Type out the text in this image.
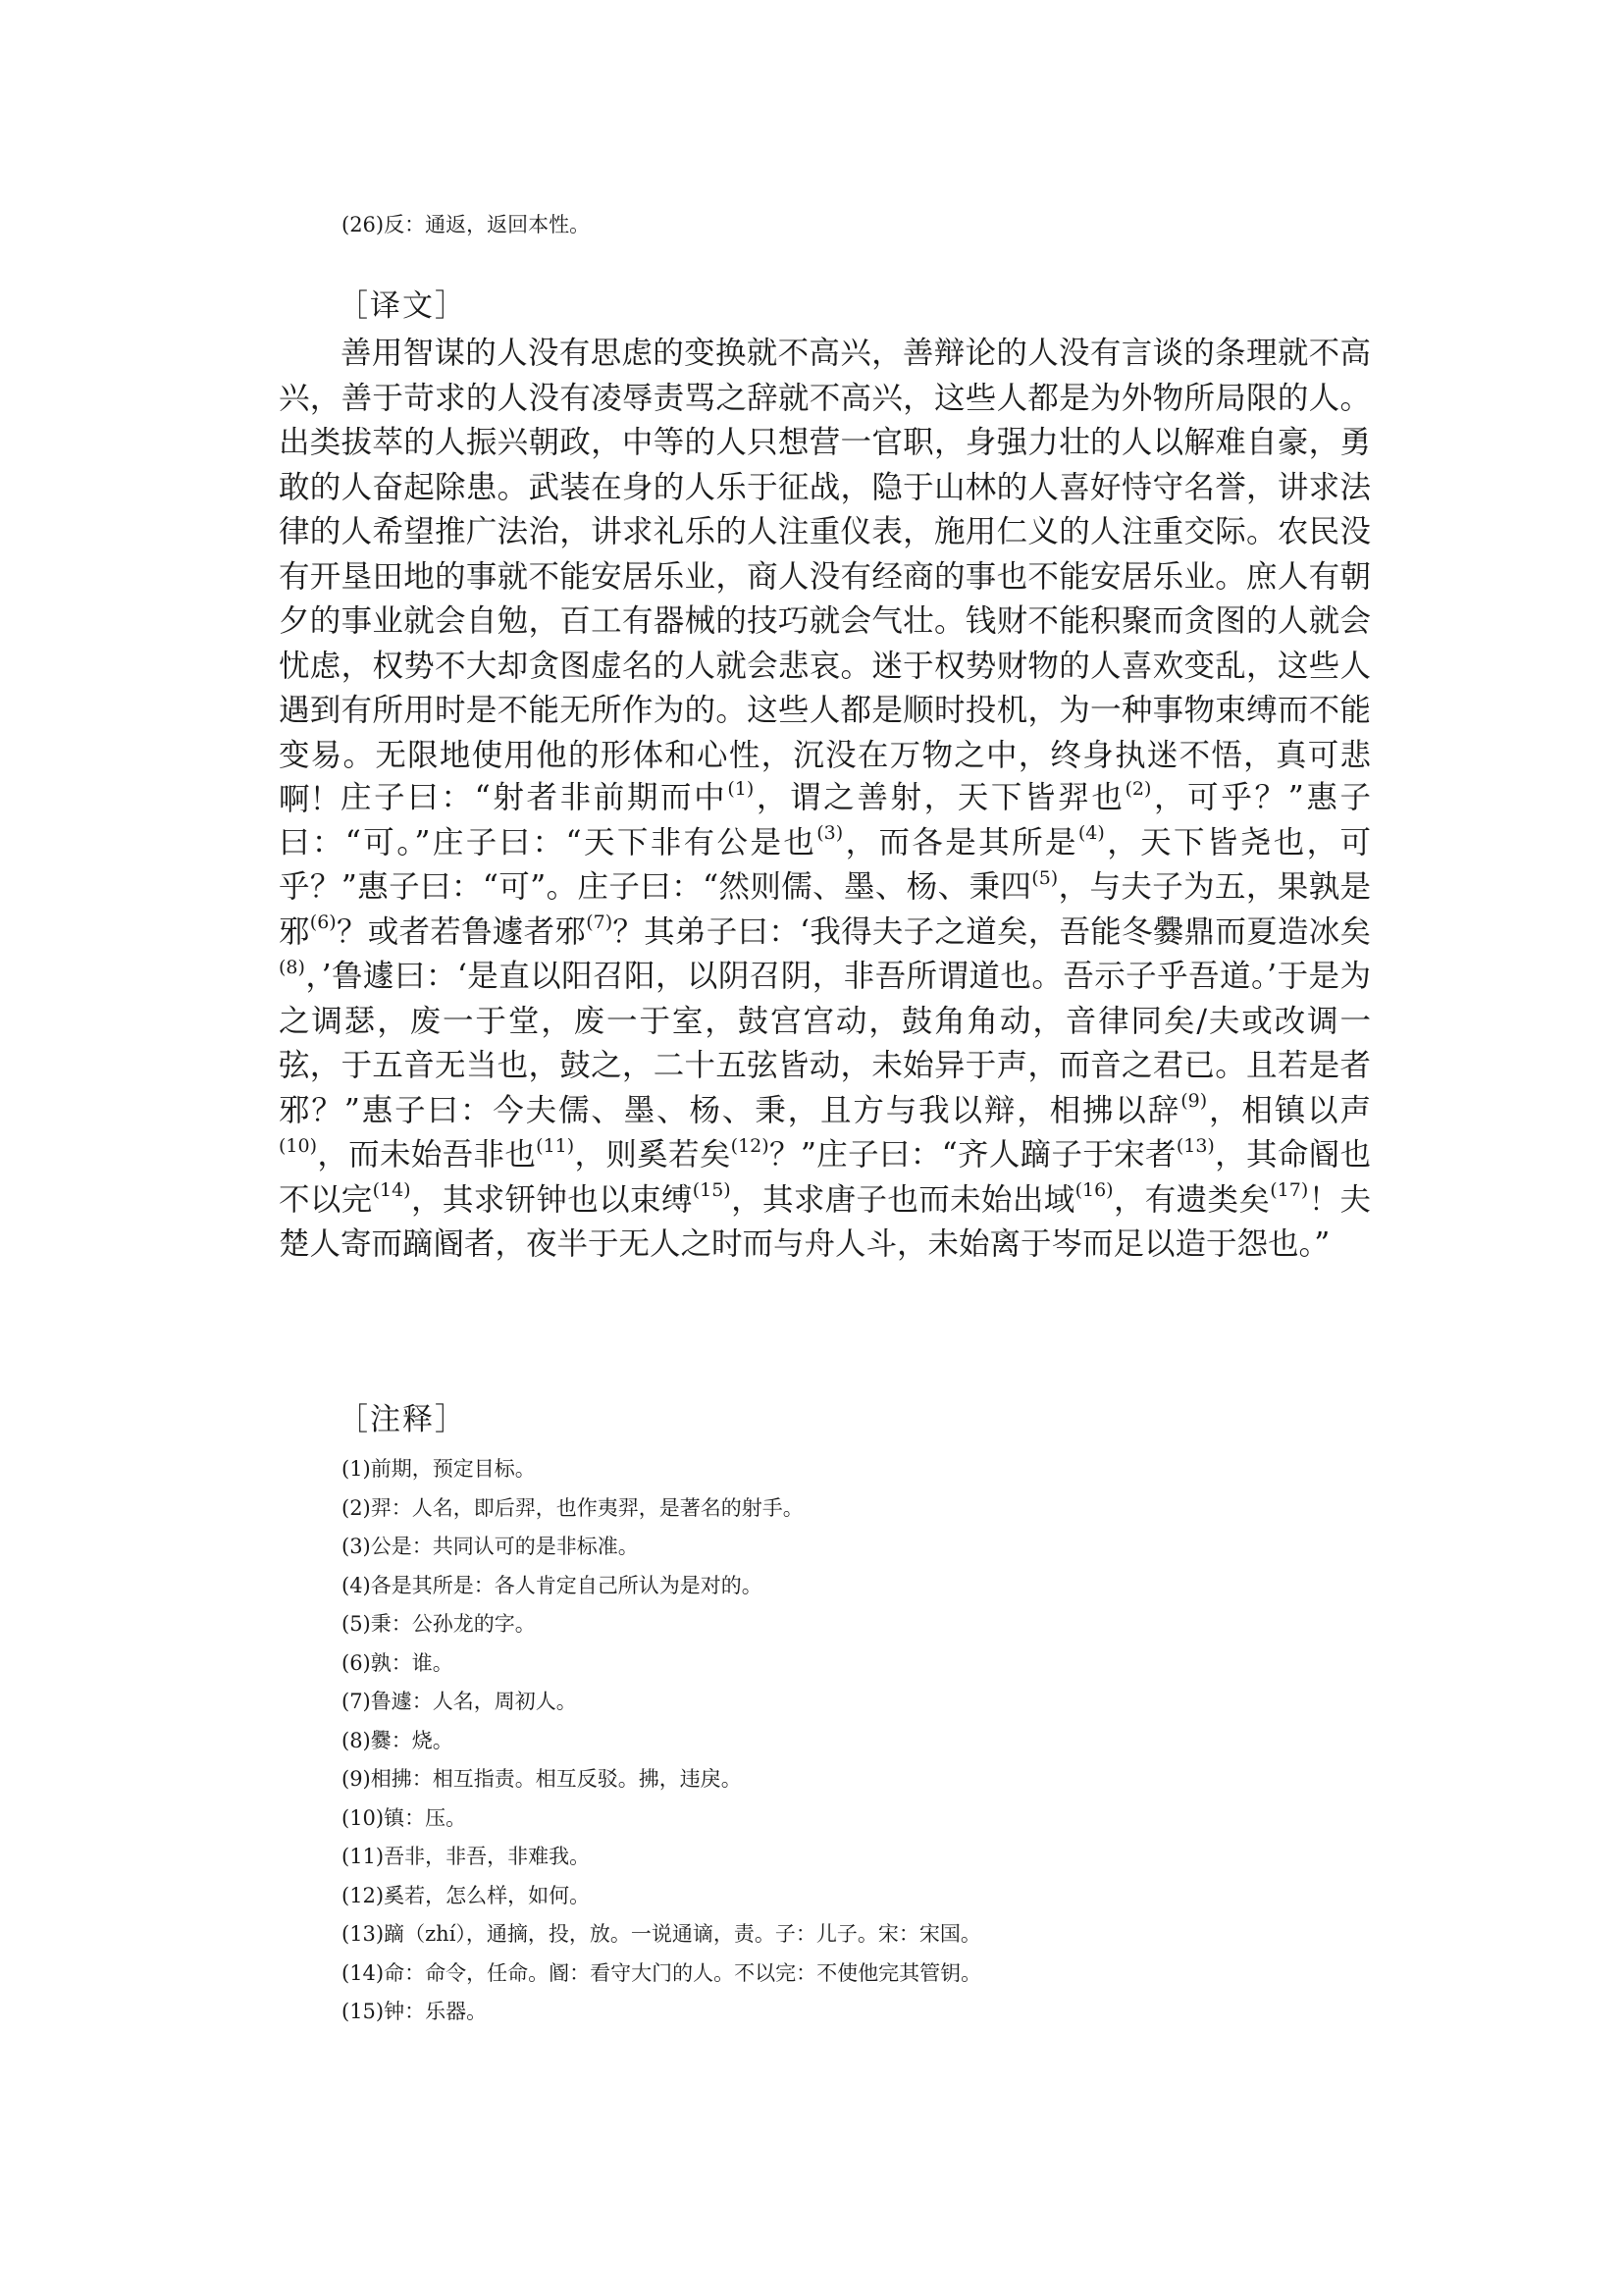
(26)反：通返，返回本性。
［译文］

善用智谋的人没有思虑的变换就不高兴，善辩论的人没有言谈的条理就不高兴，善于苛求的人没有凌辱责骂之辞就不高兴，这些人都是为外物所局限的人。出类拔萃的人振兴朝政，中等的人只想营一官职，身强力壮的人以解难自豪，勇敢的人奋起除患。武装在身的人乐于征战，隐于山林的人喜好恃守名誉，讲求法律的人希望推广法治，讲求礼乐的人注重仪表，施用仁义的人注重交际。农民没有开垦田地的事就不能安居乐业，商人没有经商的事也不能安居乐业。庶人有朝夕的事业就会自勉，百工有器械的技巧就会气壮。钱财不能积聚而贪图的人就会忧虑，权势不大却贪图虚名的人就会悲哀。迷于权势财物的人喜欢变乱，这些人遇到有所用时是不能无所作为的。这些人都是顺时投机，为一种事物束缚而不能变易。无限地使用他的形体和心性，沉没在万物之中，终身执迷不悟，真可悲啊！ 庄子曰：“射者非前期而中$^{(1)}$，谓之善射，天下皆羿也$^{(2)}$，可乎？”惠子曰：“可。”庄子曰：“天下非有公是也$^{(3)}$，而各是其所是$^{(4)}$，天下皆尧也，可乎？”惠子曰：“可”。庄子曰：“然则儒、墨、杨、秉四$^{(5)}$，与夫子为五，果孰是邪$^{(6)}$？或者若鲁遽者邪$^{(7)}$？其弟子曰：‘我得夫子之道矣，吾能冬爨鼎而夏造冰矣$^{(8)}$，’鲁遽曰：‘是直以阳召阳，以阴召阴，非吾所谓道也。吾示子乎吾道。’于是为之调瑟，废一于堂，废一于室，鼓宫宫动，鼓角角动，音律同矣/夫或改调一弦，于五音无当也，鼓之，二十五弦皆动，未始异于声，而音之君已。且若是者邪？”惠子曰：今夫儒、墨、杨、秉，且方与我以辩，相拂以辞$^{(9)}$，相镇以声$^{(10)}$，而未始吾非也$^{(11)}$，则奚若矣$^{(12)}$？”庄子曰：“齐人蹢子于宋者$^{(13)}$，其命阍也不以完$^{(14)}$，其求钘钟也以束缚$^{(15)}$，其求唐子也而未始出域$^{(16)}$，有遗类矣$^{(17)}$！夫楚人寄而蹢阍者，夜半于无人之时而与舟人斗，未始离于岑而足以造于怨也。”

［注释］
(1)前期，预定目标。
(2)羿：人名，即后羿，也作夷羿，是著名的射手。
(3)公是：共同认可的是非标准。
(4)各是其所是：各人肯定自己所认为是对的。
(5)秉：公孙龙的字。
(6)孰：谁。
(7)鲁遽：人名，周初人。
(8)爨：烧。
(9)相拂：相互指责。相互反驳。拂，违戾。
(10)镇：压。
(11)吾非，非吾，非难我。
(12)奚若，怎么样，如何。
(13)蹢（zhí），通摘，投，放。一说通谪，责。子：儿子。宋：宋国。
(14)命：命令，任命。阍：看守大门的人。不以完：不使他完其管钥。
(15)钟：乐器。
